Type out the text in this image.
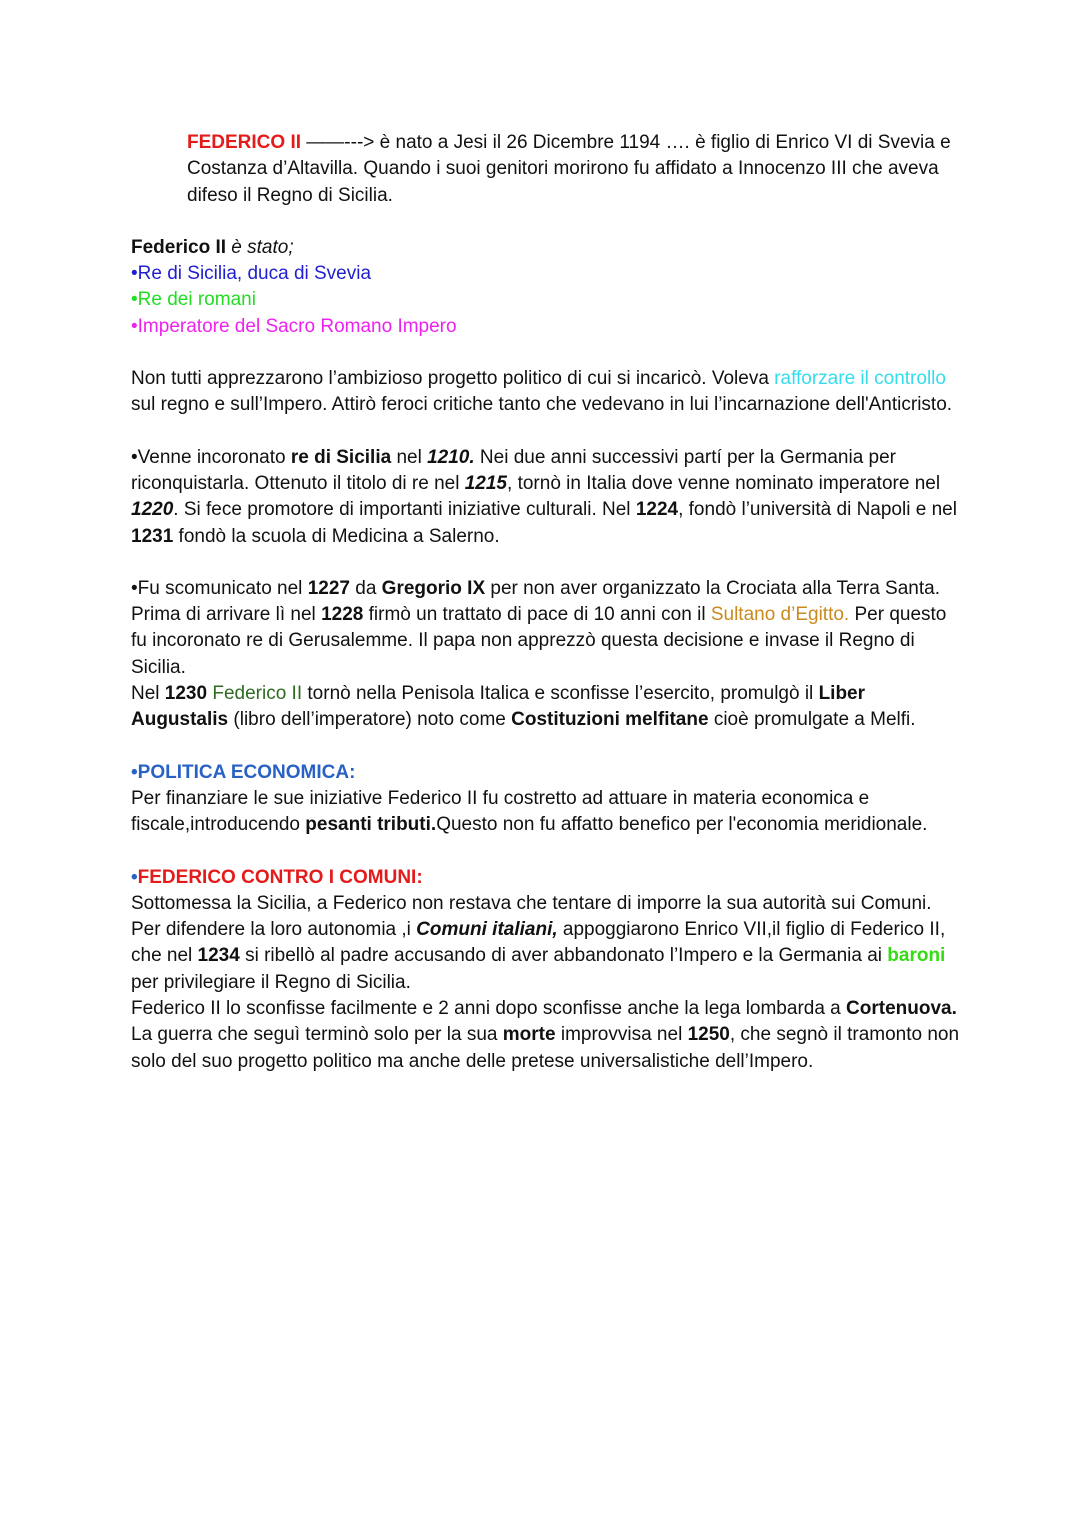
FEDERICO II ——---> è nato a Jesi il 26 Dicembre 1194 …. è figlio di Enrico VI di Svevia e Costanza d’Altavilla. Quando i suoi genitori morirono fu affidato a Innocenzo III che aveva difeso il Regno di Sicilia.

Federico II è stato;

•Re di Sicilia, duca di Svevia

•Re dei romani

•Imperatore del Sacro Romano Impero

Non tutti apprezzarono l’ambizioso progetto politico di cui si incaricò. Voleva rafforzare il controllo sul regno e sull’Impero. Attirò feroci critiche tanto che vedevano in lui l’incarnazione dell'Anticristo.

•Venne incoronato re di Sicilia nel 1210. Nei due anni successivi partí per la Germania per riconquistarla. Ottenuto il titolo di re nel 1215, tornò in Italia dove venne nominato imperatore nel 1220. Si fece promotore di importanti iniziative culturali. Nel 1224, fondò l’università di Napoli e nel 1231 fondò la scuola di Medicina a Salerno.

•Fu scomunicato nel 1227 da Gregorio IX per non aver organizzato la Crociata alla Terra Santa. Prima di arrivare lì nel 1228 firmò un trattato di pace di 10 anni con il Sultano d’Egitto. Per questo fu incoronato re di Gerusalemme. Il papa non apprezzò questa decisione e invase il Regno di Sicilia.

Nel 1230 Federico II tornò nella Penisola Italica e sconfisse l’esercito, promulgò il Liber Augustalis (libro dell’imperatore) noto come Costituzioni melfitane cioè promulgate a Melfi.

•POLITICA ECONOMICA:

Per finanziare le sue iniziative Federico II fu costretto ad attuare in materia economica e fiscale,introducendo pesanti tributi.Questo non fu affatto benefico per l'economia meridionale.

•FEDERICO CONTRO I COMUNI:

Sottomessa la Sicilia, a Federico non restava che tentare di imporre la sua autorità sui Comuni. Per difendere la loro autonomia ,i Comuni italiani, appoggiarono Enrico VII,il figlio di Federico II, che nel 1234 si ribellò al padre accusando di aver abbandonato l’Impero e la Germania ai baroni per privilegiare il Regno di Sicilia.

Federico II lo sconfisse facilmente e 2 anni dopo sconfisse anche la lega lombarda a Cortenuova. La guerra che seguì terminò solo per la sua morte improvvisa nel 1250, che segnò il tramonto non solo del suo progetto politico ma anche delle pretese universalistiche dell’Impero.
